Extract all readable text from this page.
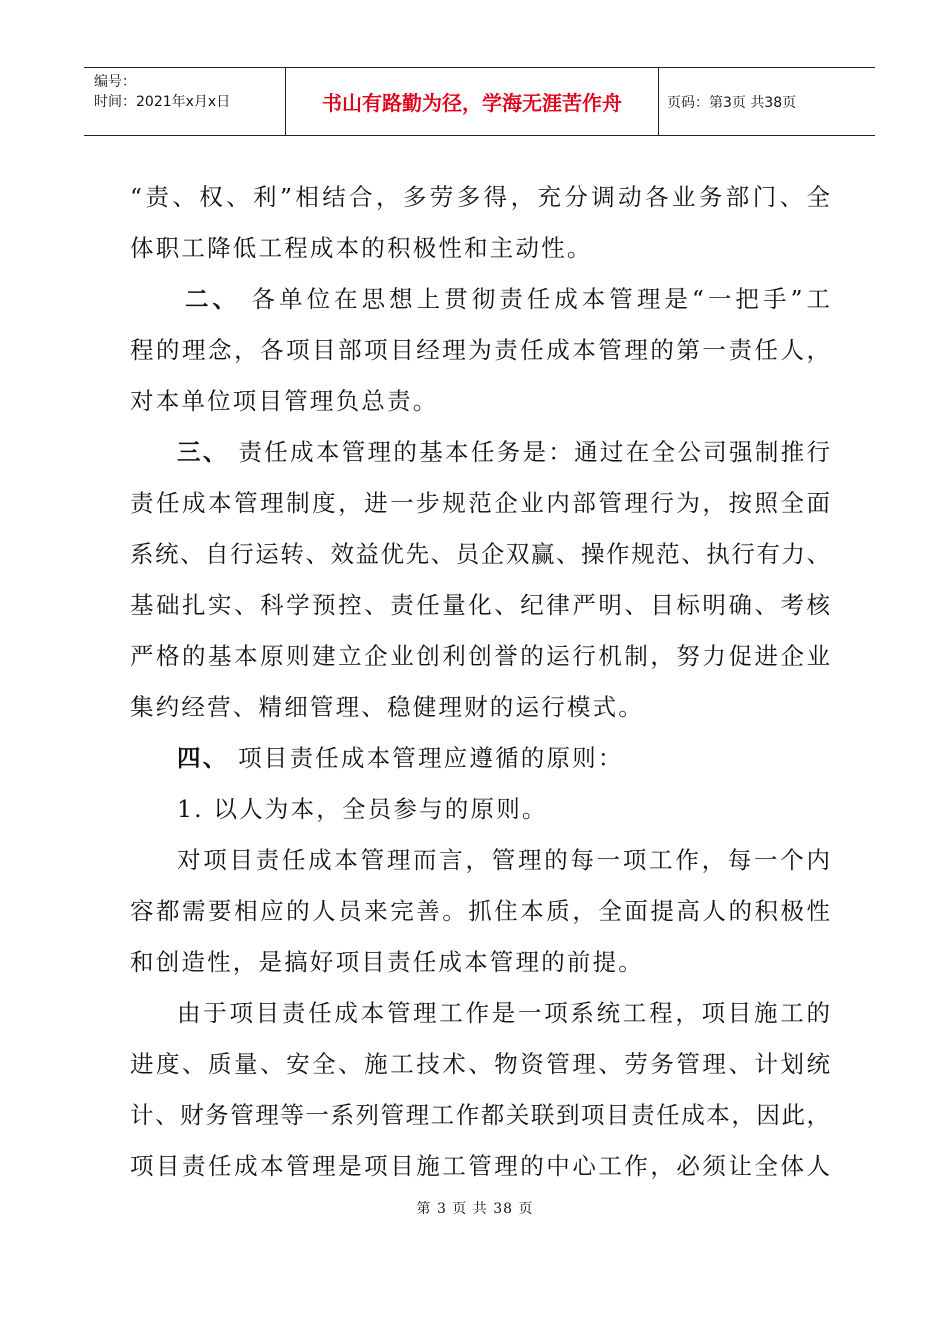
编号：
时间：2021年x月x日	书山有路勤为径，学海无涯苦作舟	页码：第3页 共38页
“责、权、利”相结合，多劳多得，充分调动各业务部门、全
体职工降低工程成本的积极性和主动性。
二、 各单位在思想上贯彻责任成本管理是“一把手”工
程的理念，各项目部项目经理为责任成本管理的第一责任人，
对本单位项目管理负总责。
三、 责任成本管理的基本任务是：通过在全公司强制推行
责任成本管理制度，进一步规范企业内部管理行为，按照全面
系统、自行运转、效益优先、员企双赢、操作规范、执行有力、
基础扎实、科学预控、责任量化、纪律严明、目标明确、考核
严格的基本原则建立企业创利创誉的运行机制，努力促进企业
集约经营、精细管理、稳健理财的运行模式。
四、 项目责任成本管理应遵循的原则：
1. 以人为本，全员参与的原则。
对项目责任成本管理而言，管理的每一项工作，每一个内
容都需要相应的人员来完善。抓住本质，全面提高人的积极性
和创造性，是搞好项目责任成本管理的前提。
由于项目责任成本管理工作是一项系统工程，项目施工的
进度、质量、安全、施工技术、物资管理、劳务管理、计划统
计、财务管理等一系列管理工作都关联到项目责任成本，因此，
项目责任成本管理是项目施工管理的中心工作，必须让全体人
第 3 页 共 38 页
